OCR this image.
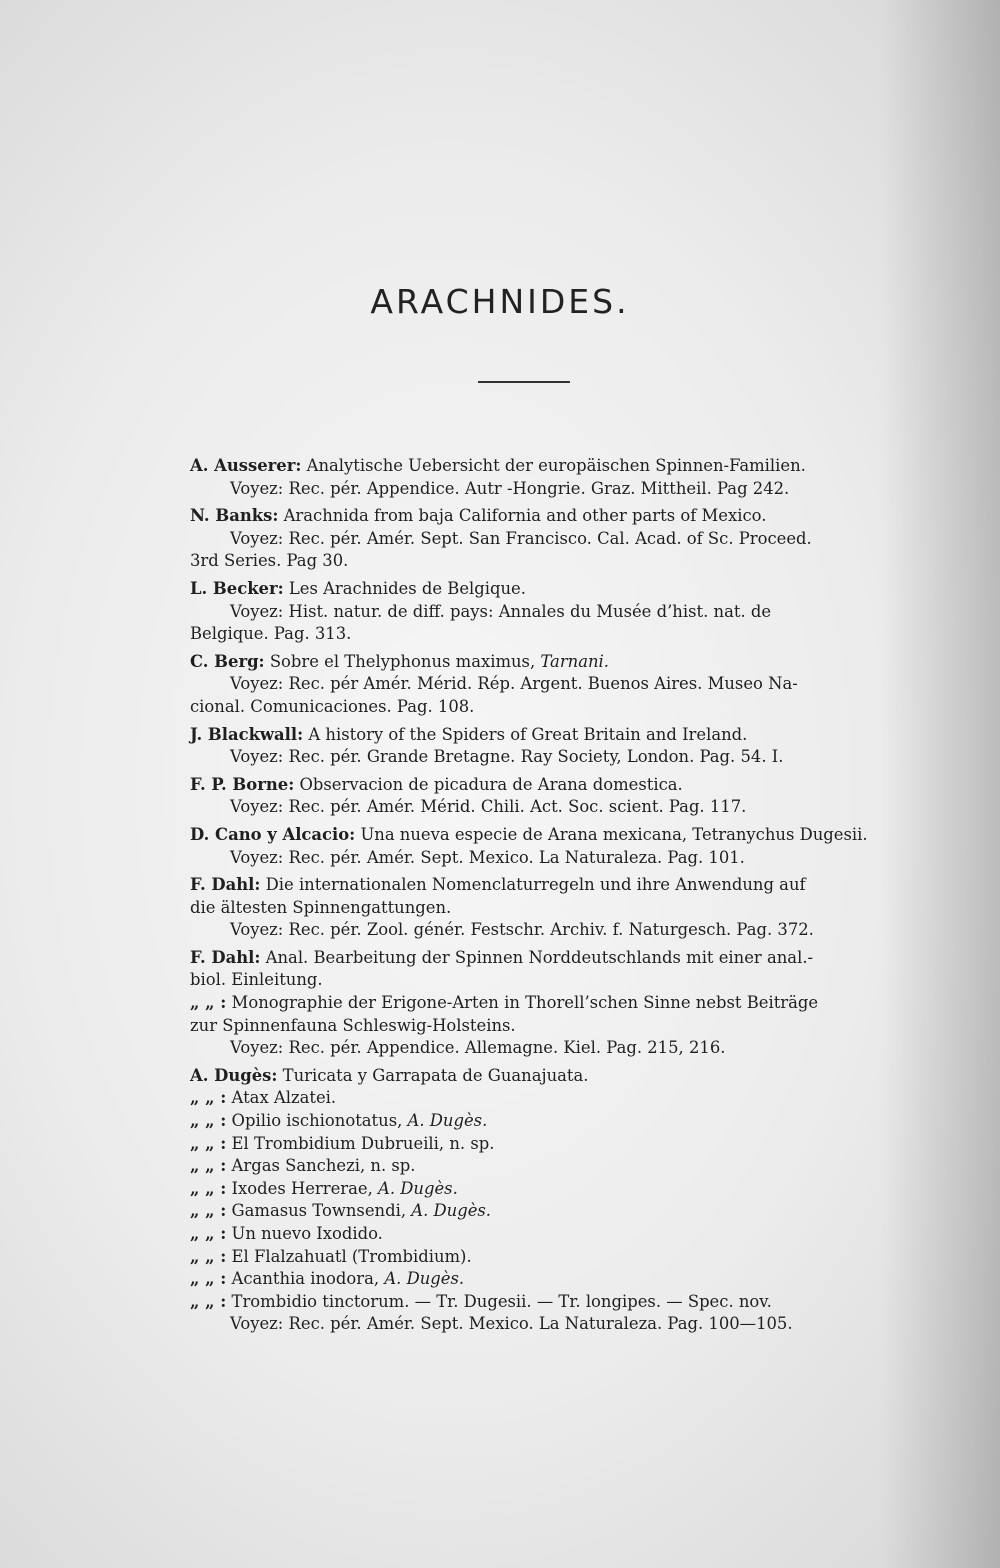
ARACHNIDES.
A. Ausserer: Analytische Uebersicht der europäischen Spinnen-Familien.
Voyez: Rec. pér. Appendice. Autr -Hongrie. Graz. Mittheil. Pag 242.
N. Banks: Arachnida from baja California and other parts of Mexico.
Voyez: Rec. pér. Amér. Sept. San Francisco. Cal. Acad. of Sc. Proceed.
3rd Series. Pag 30.
L. Becker: Les Arachnides de Belgique.
Voyez: Hist. natur. de diff. pays: Annales du Musée d’hist. nat. de
Belgique. Pag. 313.
C. Berg: Sobre el Thelyphonus maximus, Tarnani.
Voyez: Rec. pér Amér. Mérid. Rép. Argent. Buenos Aires. Museo Na-
cional. Comunicaciones. Pag. 108.
J. Blackwall: A history of the Spiders of Great Britain and Ireland.
Voyez: Rec. pér. Grande Bretagne. Ray Society, London. Pag. 54. I.
F. P. Borne: Observacion de picadura de Arana domestica.
Voyez: Rec. pér. Amér. Mérid. Chili. Act. Soc. scient. Pag. 117.
D. Cano y Alcacio: Una nueva especie de Arana mexicana, Tetranychus Dugesii.
Voyez: Rec. pér. Amér. Sept. Mexico. La Naturaleza. Pag. 101.
F. Dahl: Die internationalen Nomenclaturregeln und ihre Anwendung auf
die ältesten Spinnengattungen.
Voyez: Rec. pér. Zool. génér. Festschr. Archiv. f. Naturgesch. Pag. 372.
F. Dahl: Anal. Bearbeitung der Spinnen Norddeutschlands mit einer anal.-
biol. Einleitung.
„ „ : Monographie der Erigone-Arten in Thorell’schen Sinne nebst Beiträge
zur Spinnenfauna Schleswig-Holsteins.
Voyez: Rec. pér. Appendice. Allemagne. Kiel. Pag. 215, 216.
A. Dugès: Turicata y Garrapata de Guanajuata.
„ „ : Atax Alzatei.
„ „ : Opilio ischionotatus, A. Dugès.
„ „ : El Trombidium Dubrueili, n. sp.
„ „ : Argas Sanchezi, n. sp.
„ „ : Ixodes Herrerae, A. Dugès.
„ „ : Gamasus Townsendi, A. Dugès.
„ „ : Un nuevo Ixodido.
„ „ : El Flalzahuatl (Trombidium).
„ „ : Acanthia inodora, A. Dugès.
„ „ : Trombidio tinctorum. — Tr. Dugesii. — Tr. longipes. — Spec. nov.
Voyez: Rec. pér. Amér. Sept. Mexico. La Naturaleza. Pag. 100—105.
